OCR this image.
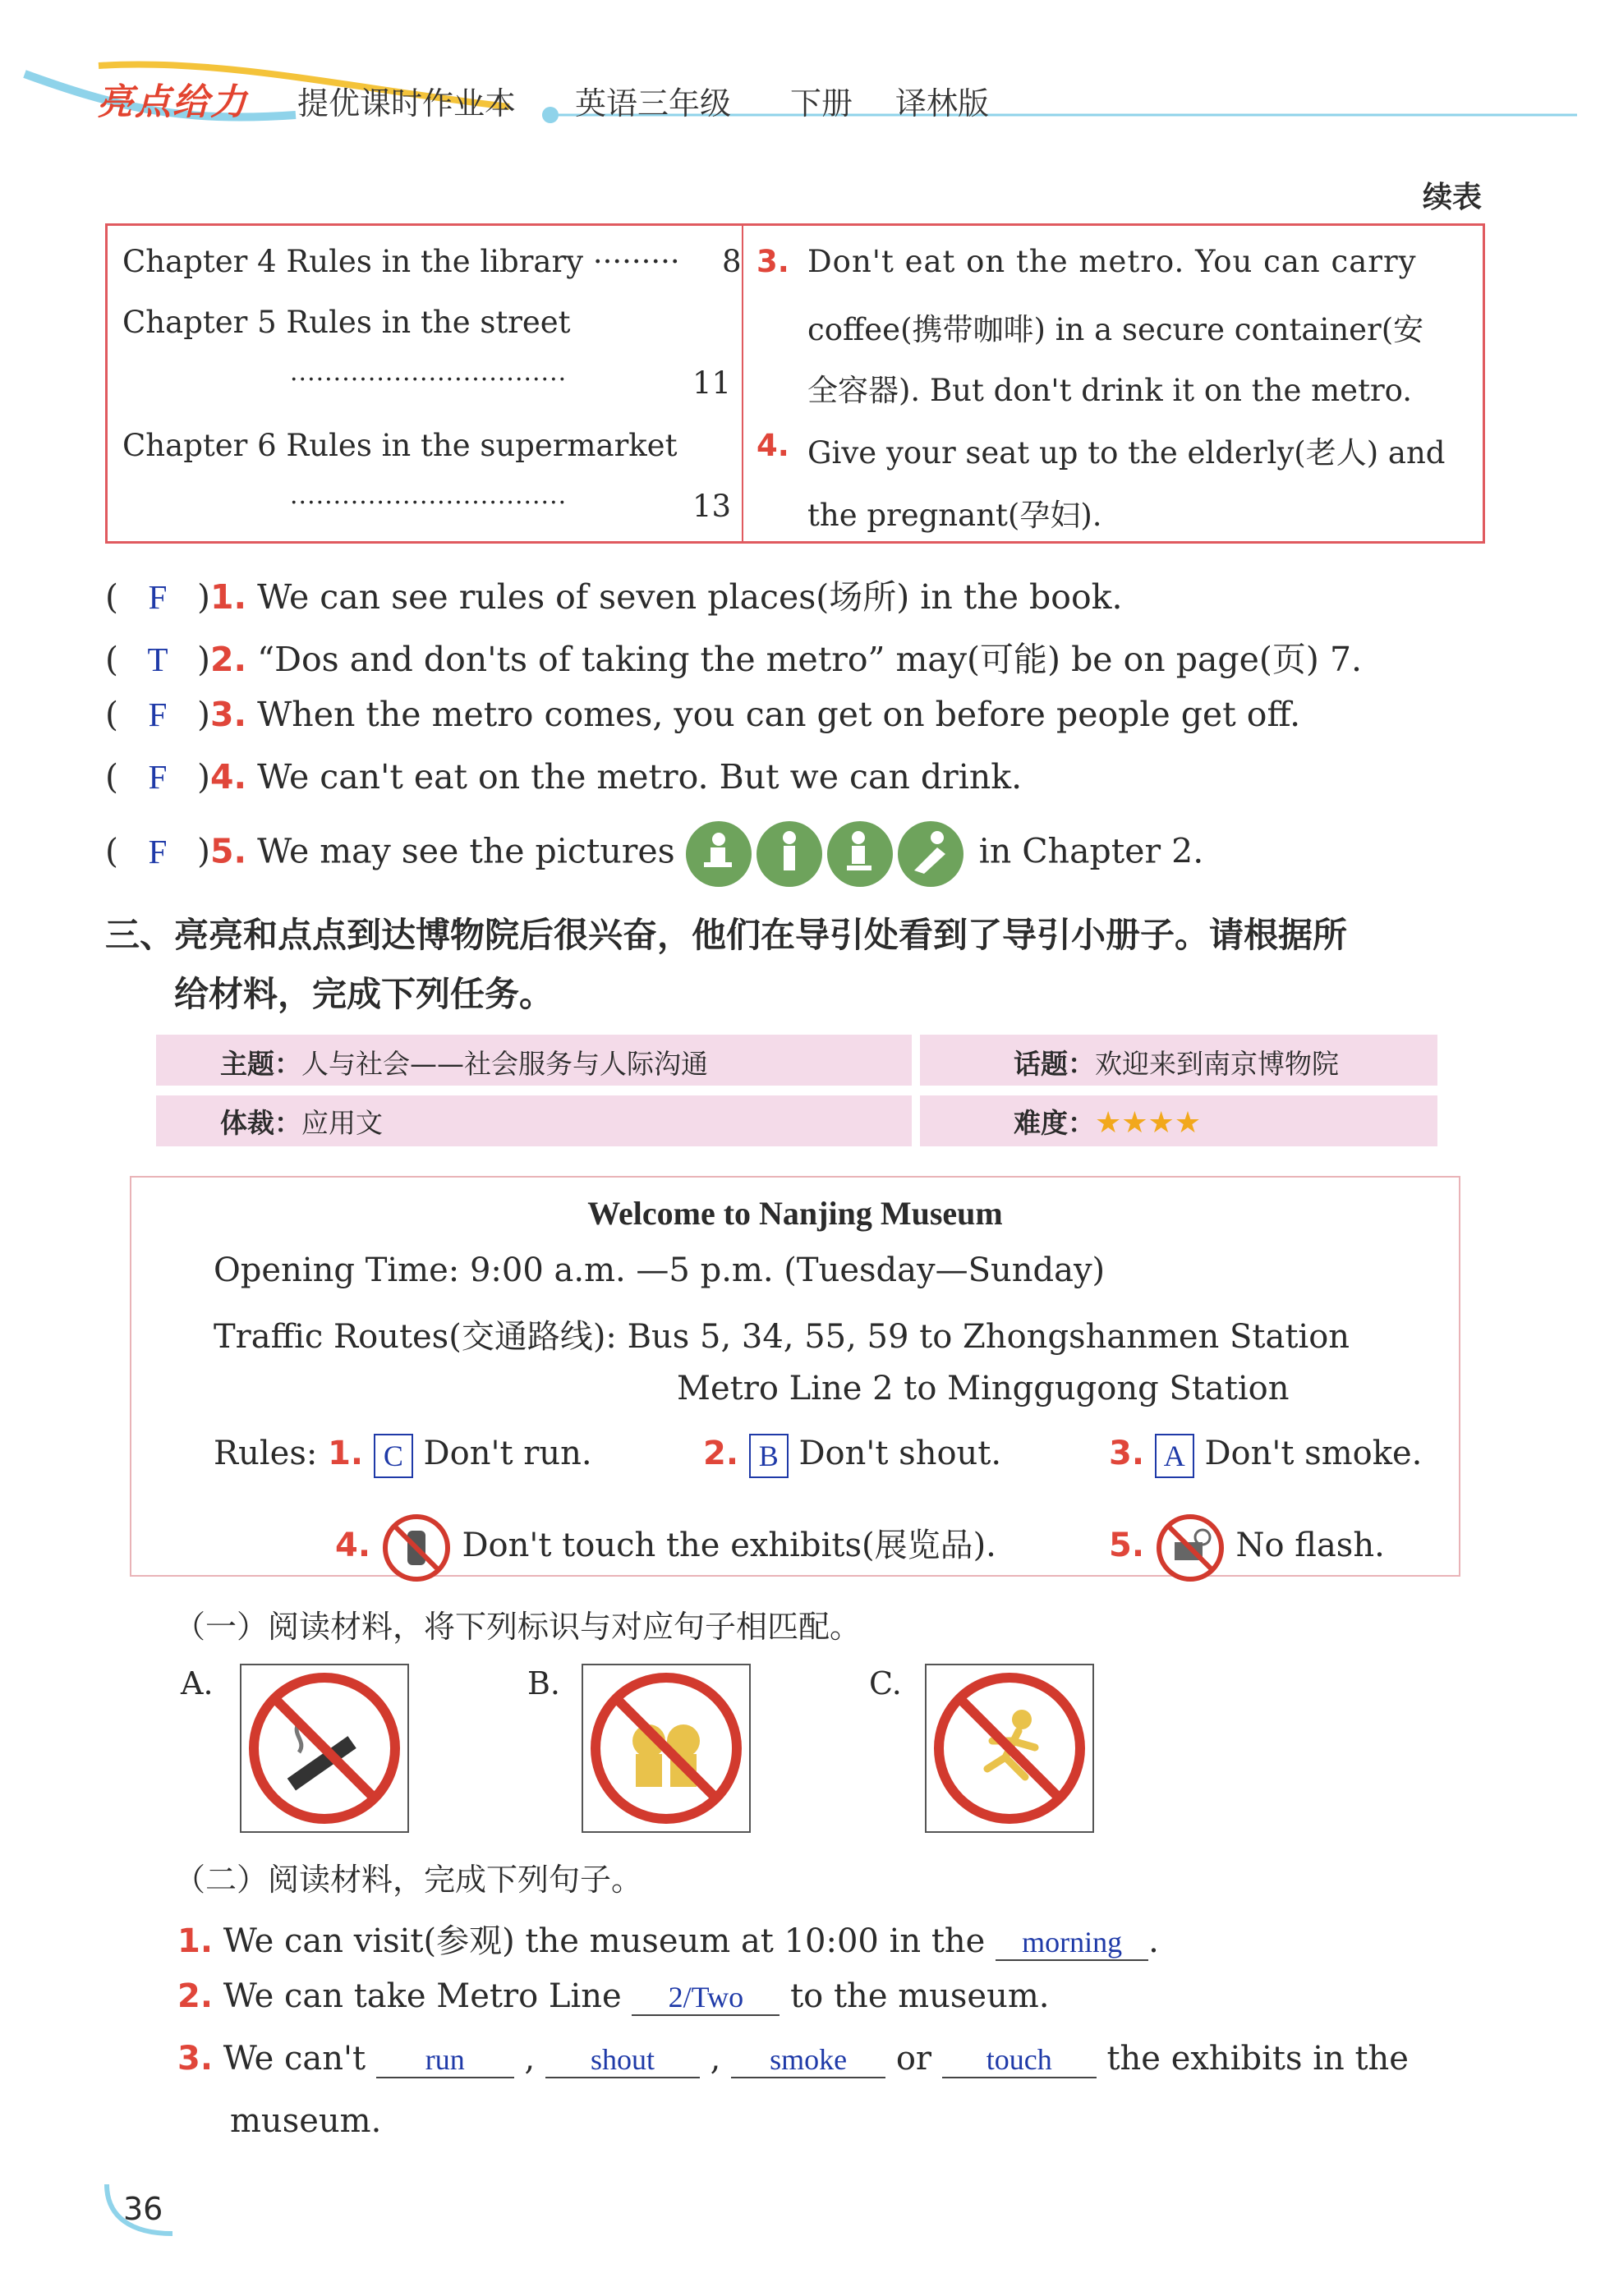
亮点给力 提优课时作业本 英语三年级 下册 译林版
续表
Chapter 4 Rules in the library ········· 8
Chapter 5 Rules in the street
································	11
Chapter 6 Rules in the supermarket
································	13
3. Don't eat on the metro. You can carry
coffee(携带咖啡) in a secure container(安
全容器). But don't drink it on the metro.
4. Give your seat up to the elderly(老人) and
the pregnant(孕妇).
( F )1. We can see rules of seven places(场所) in the book.
( T )2. “Dos and don'ts of taking the metro” may(可能) be on page(页) 7.
( F )3. When the metro comes, you can get on before people get off.
( F )4. We can't eat on the metro. But we can drink.
( F )5. We may see the pictures	in Chapter 2.
三、亮亮和点点到达博物院后很兴奋，他们在导引处看到了导引小册子。请根据所
给材料，完成下列任务。
主题：人与社会——社会服务与人际沟通	话题：欢迎来到南京博物院
体裁：应用文	难度：★★★★
Welcome to Nanjing Museum
Opening Time: 9:00 a.m. —5 p.m. (Tuesday—Sunday)
Traffic Routes(交通路线): Bus 5, 34, 55, 59 to Zhongshanmen Station
Metro Line 2 to Minggugong Station
Rules: 1. C Don't run.	2. B Don't shout.	3. A Don't smoke.
4.	Don't touch the exhibits(展览品).	5.	No flash.
（一）阅读材料，将下列标识与对应句子相匹配。
A.	B.	C.
（二）阅读材料，完成下列句子。
1. We can visit(参观) the museum at 10:00 in the morning .
2. We can take Metro Line 2/Two to the museum.
3. We can't run , shout , smoke or touch the exhibits in the
museum.
36
